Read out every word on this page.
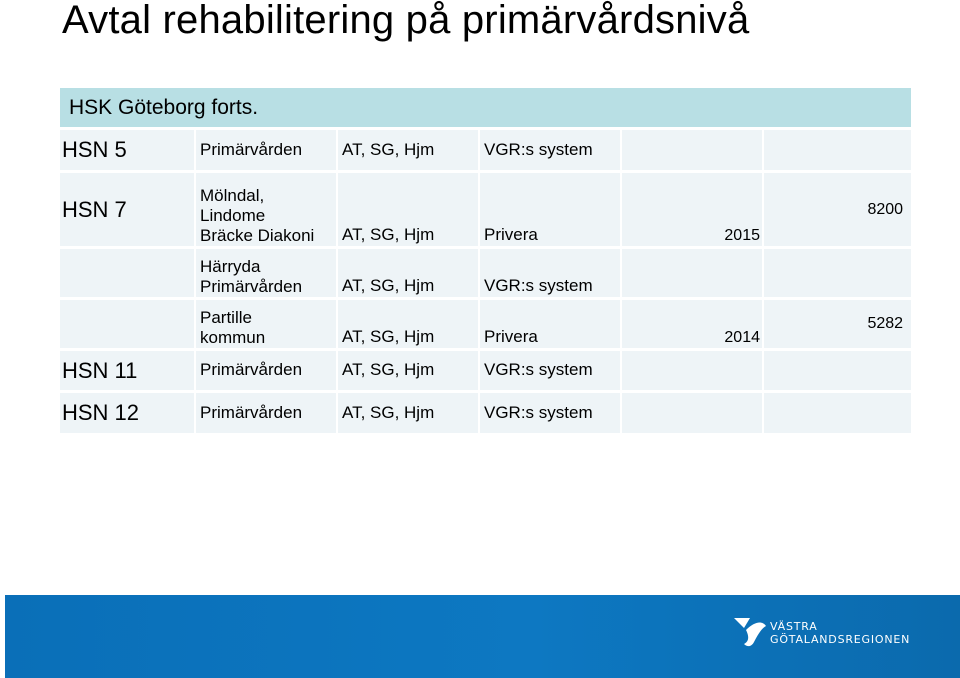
Avtal rehabilitering på primärvårdsnivå
HSK Göteborg forts.					
HSN 5	Primärvården	AT, SG, Hjm	VGR:s system		
HSN 7	Mölndal,
Lindome
Bräcke Diakoni	AT, SG, Hjm	Privera	2015	8200

	Härryda
Primärvården	AT, SG, Hjm	VGR:s system		

	Partille
kommun	AT, SG, Hjm	Privera	2014	5282
HSN 11	Primärvården	AT, SG, Hjm	VGR:s system		
HSN 12	Primärvården	AT, SG, Hjm	VGR:s system		
VÄSTRA
GÖTALANDSREGIONEN
